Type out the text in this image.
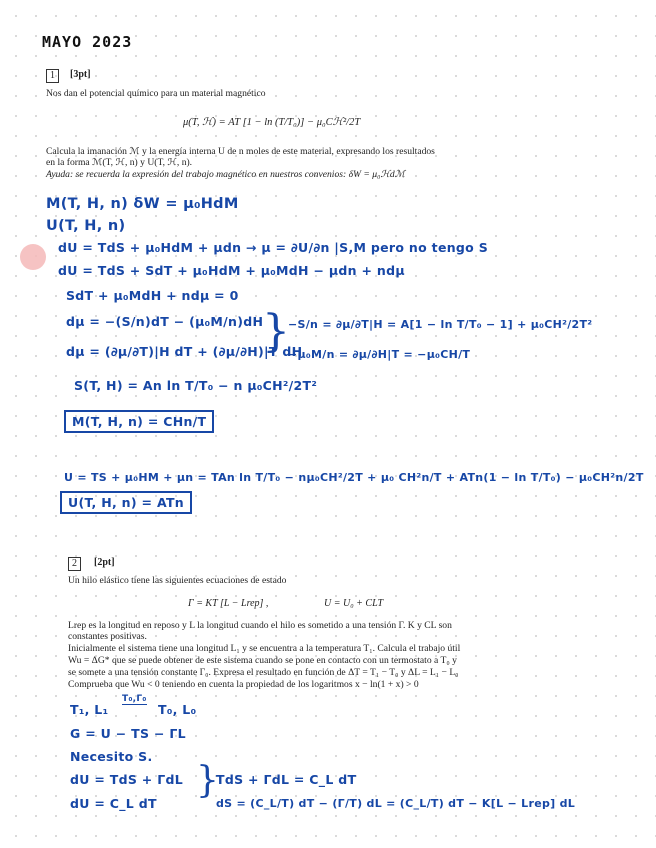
MAYO 2023
1	[3pt]
Nos dan el potencial químico para un material magnético
μ(T, ℋ) = AT [1 − ln (T/T₀)] − μ₀Cℋ²/2T
Calcula la imanación ℳ y la energía interna U de n moles de este material, expresando los resultados
en la forma ℳ(T, ℋ, n) y U(T, ℋ, n).
Ayuda: se recuerda la expresión del trabajo magnético en nuestros convenios: δW = μ₀ℋdℳ
M(T, H, n) δW = μ₀HdM
U(T, H, n)
dU = TdS + μ₀HdM + μdn → μ = ∂U/∂n |S,M pero no tengo S
dU = TdS + SdT + μ₀HdM + μ₀MdH − μdn + ndμ
SdT + μ₀MdH + ndμ = 0
dμ = −(S/n)dT − (μ₀M/n)dH
dμ = (∂μ/∂T)|H dT + (∂μ/∂H)|T dH
}
−S/n = ∂μ/∂T|H = A[1 − ln T/T₀ − 1] + μ₀CH²/2T²
−μ₀M/n = ∂μ/∂H|T = −μ₀CH/T
S(T, H) = An ln T/T₀ − n μ₀CH²/2T²
M(T, H, n) = CHn/T
U = TS + μ₀HM + μn = TAn ln T/T₀ − nμ₀CH²/2T + μ₀ CH²n/T + ATn(1 − ln T/T₀) − μ₀CH²n/2T
U(T, H, n) = ATn
2	[2pt]
Un hilo elástico tiene las siguientes ecuaciones de estado
Γ = KT [L − Lrep] ,	U = U₀ + CLT
Lrep es la longitud en reposo y L la longitud cuando el hilo es sometido a una tensión Γ. K y CL son
constantes positivas.
Inicialmente el sistema tiene una longitud L₁ y se encuentra a la temperatura T₁. Calcula el trabajo útil
Wu = ΔG* que se puede obtener de este sistema cuando se pone en contacto con un termostato a T₀ y
se somete a una tensión constante Γ₀. Expresa el resultado en función de ΔT = T₁ − T₀ y ΔL = L₁ − L₀
Comprueba que Wu < 0 teniendo en cuenta la propiedad de los logaritmos x − ln(1 + x) > 0
T₁, L₁
T₀,Γ₀
T₀, L₀
G = U − TS − ΓL
Necesito S.
dU = TdS + ΓdL
dU = C_L dT
}
TdS + ΓdL = C_L dT
dS = (C_L/T) dT − (Γ/T) dL = (C_L/T) dT − K[L − Lrep] dL
